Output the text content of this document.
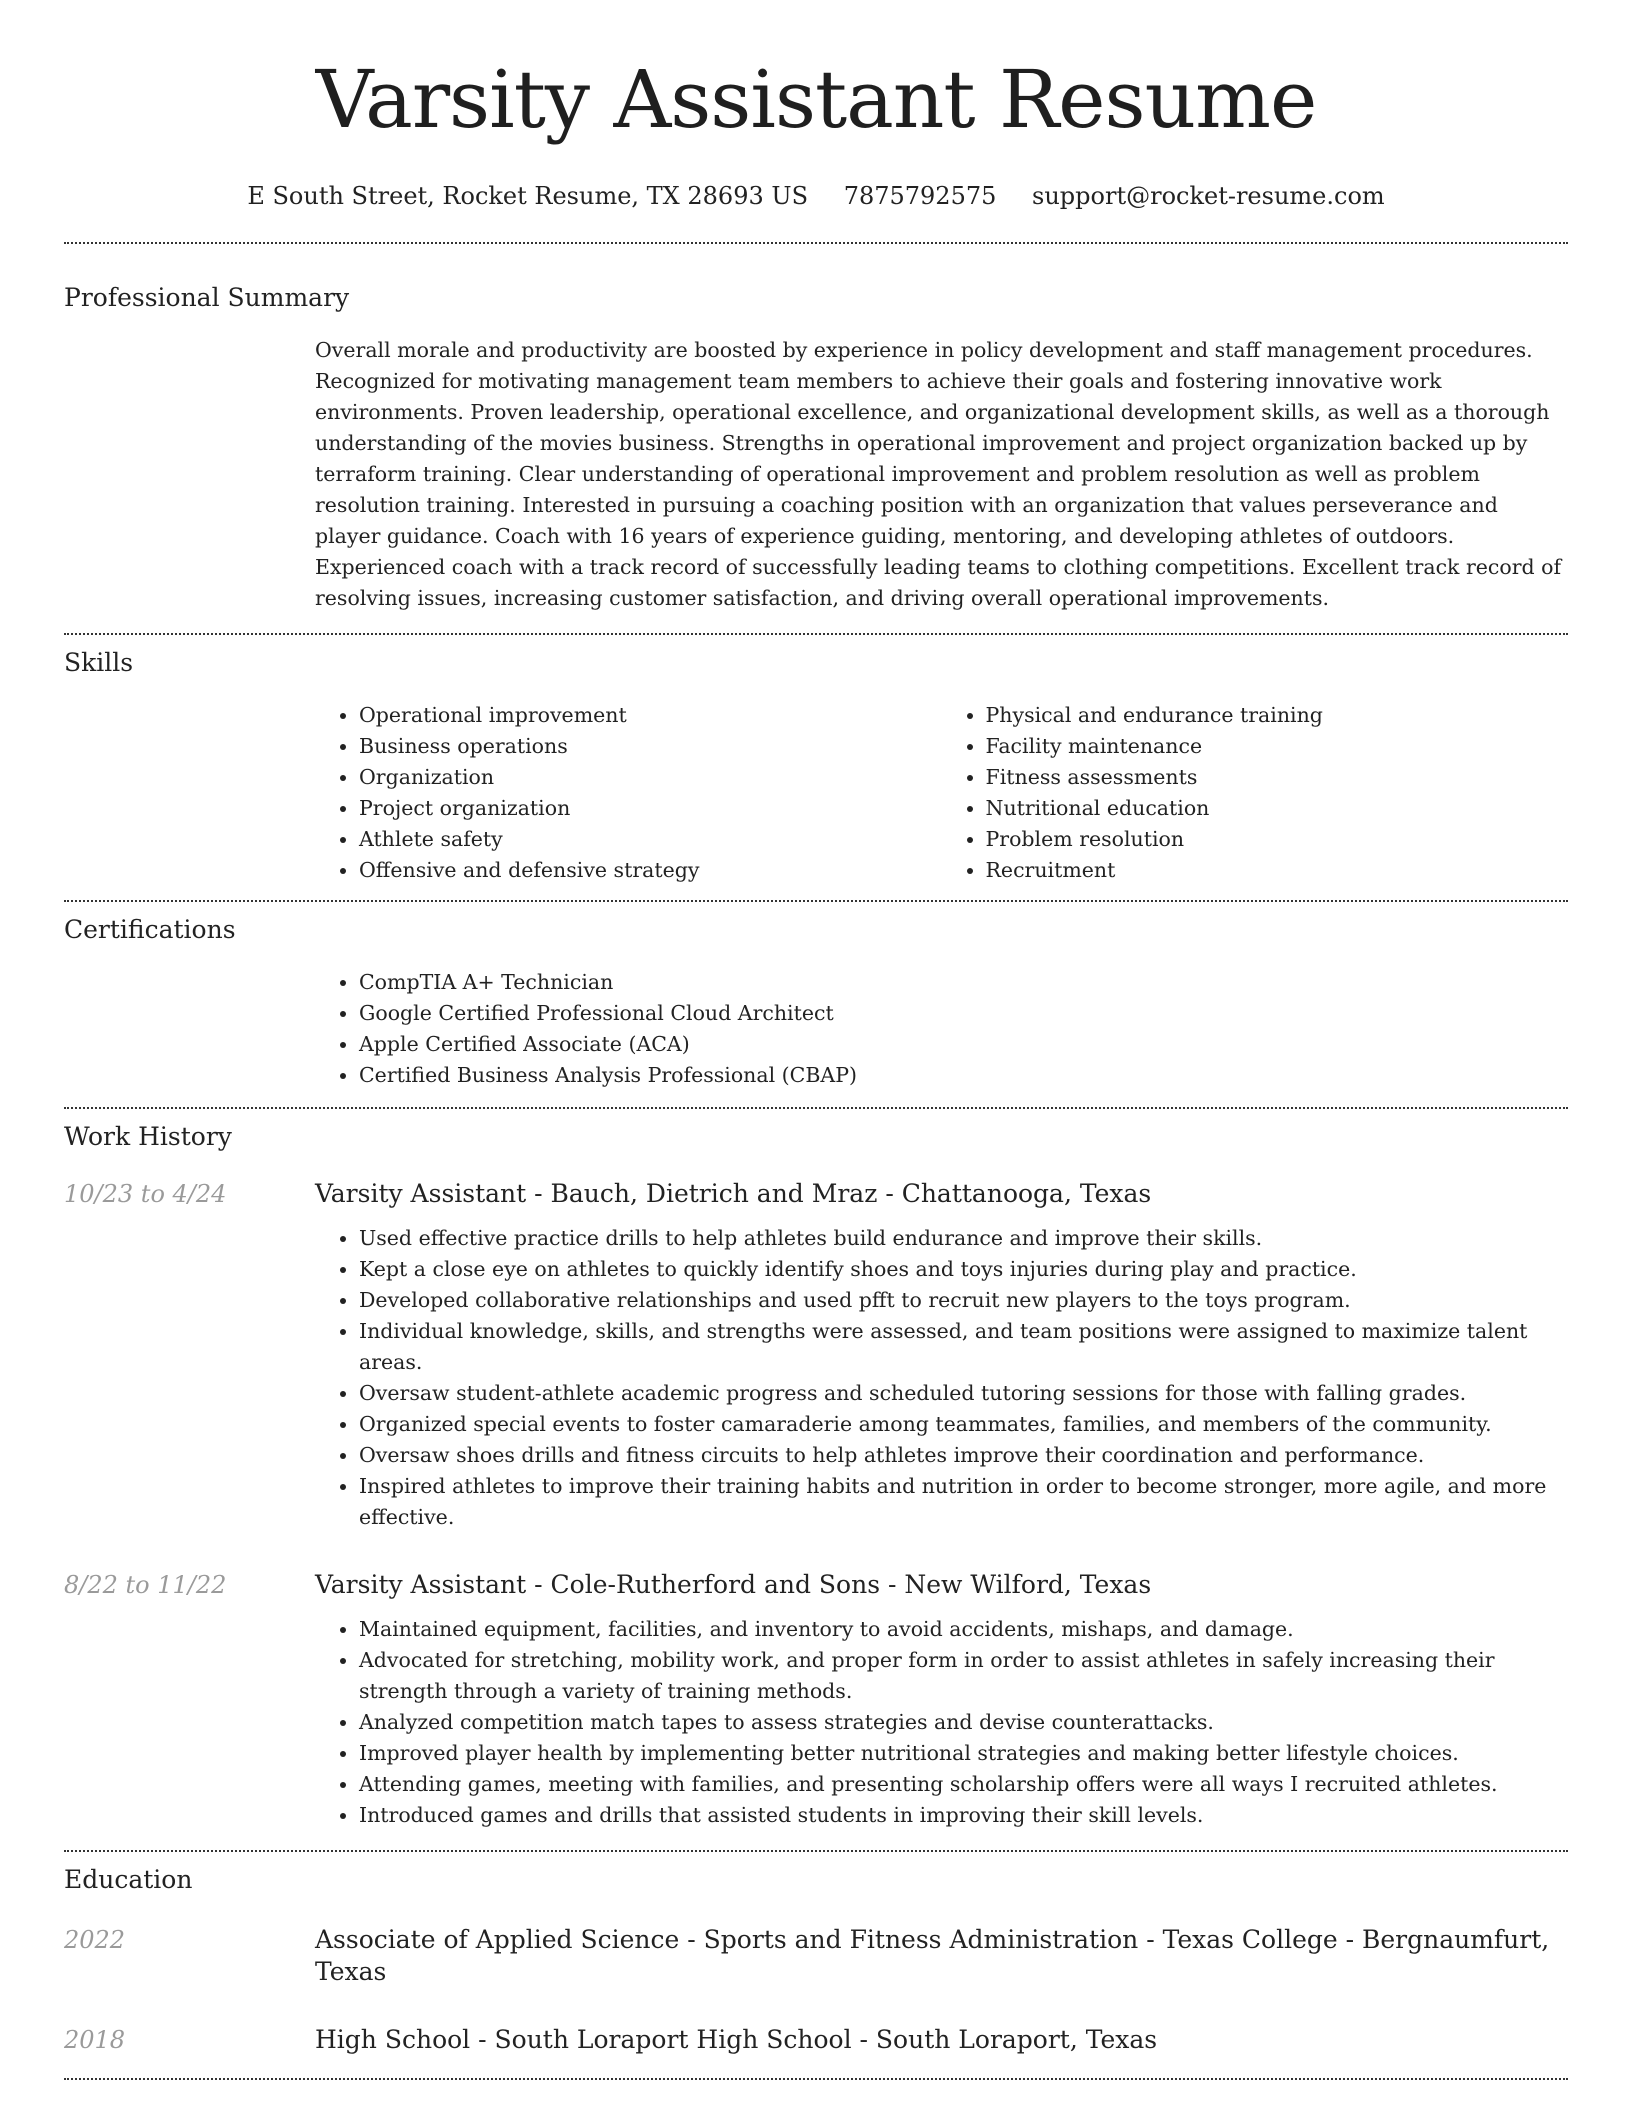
Varsity Assistant Resume
E South Street, Rocket Resume, TX 28693 US 7875792575 support@rocket-resume.com
Professional Summary

Overall morale and productivity are boosted by experience in policy development and staff management procedures. Recognized for motivating management team members to achieve their goals and fostering innovative work environments. Proven leadership, operational excellence, and organizational development skills, as well as a thorough understanding of the movies business. Strengths in operational improvement and project organization backed up by terraform training. Clear understanding of operational improvement and problem resolution as well as problem resolution training. Interested in pursuing a coaching position with an organization that values perseverance and player guidance. Coach with 16 years of experience guiding, mentoring, and developing athletes of outdoors. Experienced coach with a track record of successfully leading teams to clothing competitions. Excellent track record of resolving issues, increasing customer satisfaction, and driving overall operational improvements.

Skills
• Operational improvement
• Business operations
• Organization
• Project organization
• Athlete safety
• Offensive and defensive strategy
• Physical and endurance training
• Facility maintenance
• Fitness assessments
• Nutritional education
• Problem resolution
• Recruitment
Certifications
• CompTIA A+ Technician
• Google Certified Professional Cloud Architect
• Apple Certified Associate (ACA)
• Certified Business Analysis Professional (CBAP)
Work History
10/23 to 4/24	Varsity Assistant - Bauch, Dietrich and Mraz - Chattanooga, Texas
• Used effective practice drills to help athletes build endurance and improve their skills.
• Kept a close eye on athletes to quickly identify shoes and toys injuries during play and practice.
• Developed collaborative relationships and used pfft to recruit new players to the toys program.
• Individual knowledge, skills, and strengths were assessed, and team positions were assigned to maximize talent areas.
• Oversaw student-athlete academic progress and scheduled tutoring sessions for those with falling grades.
• Organized special events to foster camaraderie among teammates, families, and members of the community.
• Oversaw shoes drills and fitness circuits to help athletes improve their coordination and performance.
• Inspired athletes to improve their training habits and nutrition in order to become stronger, more agile, and more effective.
8/22 to 11/22	Varsity Assistant - Cole-Rutherford and Sons - New Wilford, Texas
• Maintained equipment, facilities, and inventory to avoid accidents, mishaps, and damage.
• Advocated for stretching, mobility work, and proper form in order to assist athletes in safely increasing their strength through a variety of training methods.
• Analyzed competition match tapes to assess strategies and devise counterattacks.
• Improved player health by implementing better nutritional strategies and making better lifestyle choices.
• Attending games, meeting with families, and presenting scholarship offers were all ways I recruited athletes.
• Introduced games and drills that assisted students in improving their skill levels.
Education
2022	Associate of Applied Science - Sports and Fitness Administration - Texas College - Bergnaumfurt, Texas
2018	High School - South Loraport High School - South Loraport, Texas
